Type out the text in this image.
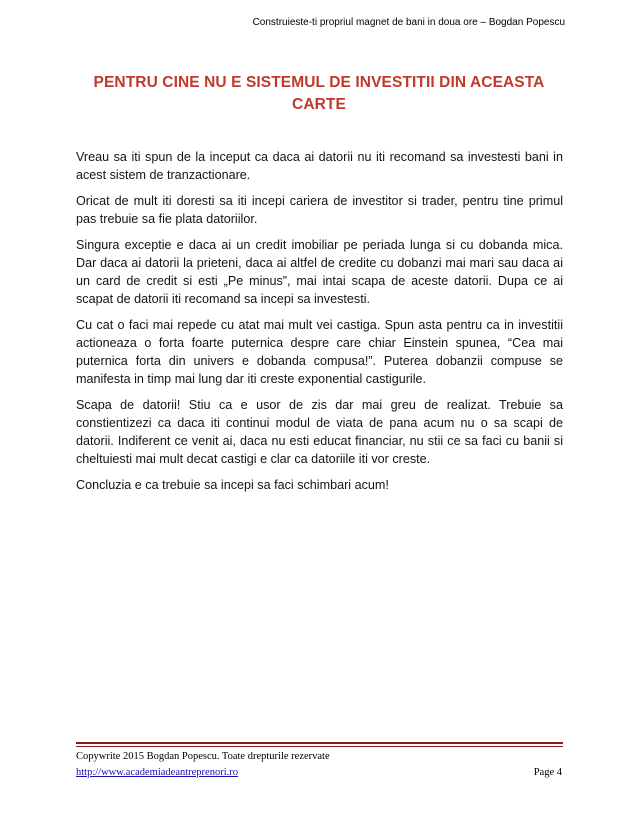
Construieste-ti propriul magnet de bani in doua ore – Bogdan Popescu
PENTRU CINE NU E SISTEMUL DE INVESTITII DIN ACEASTA CARTE

Vreau sa iti spun de la inceput ca daca ai datorii nu iti recomand sa investesti bani in acest sistem de tranzactionare.

Oricat de mult iti doresti sa iti incepi cariera de investitor si trader, pentru tine primul pas trebuie sa fie plata datoriilor.

Singura exceptie e daca ai un credit imobiliar pe periada lunga si cu dobanda mica. Dar daca ai datorii la prieteni, daca ai altfel de credite cu dobanzi mai mari sau daca ai un card de credit si esti „Pe minus”, mai intai scapa de aceste datorii. Dupa ce ai scapat de datorii iti recomand sa incepi sa investesti.

Cu cat o faci mai repede cu atat mai mult vei castiga. Spun asta pentru ca in investitii actioneaza o forta foarte puternica despre care chiar Einstein spunea, “Cea mai puternica forta din univers e dobanda compusa!”. Puterea dobanzii compuse se manifesta in timp mai lung dar iti creste exponential castigurile.

Scapa de datorii! Stiu ca e usor de zis dar mai greu de realizat. Trebuie sa constientizezi ca daca iti continui modul de viata de pana acum nu o sa scapi de datorii. Indiferent ce venit ai, daca nu esti educat financiar, nu stii ce sa faci cu banii si cheltuiesti mai mult decat castigi e clar ca datoriile iti vor creste.

Concluzia e ca trebuie sa incepi sa faci schimbari acum!

Copywrite 2015 Bogdan Popescu. Toate drepturile rezervate
http://www.academiadeantreprenori.ro	Page 4
